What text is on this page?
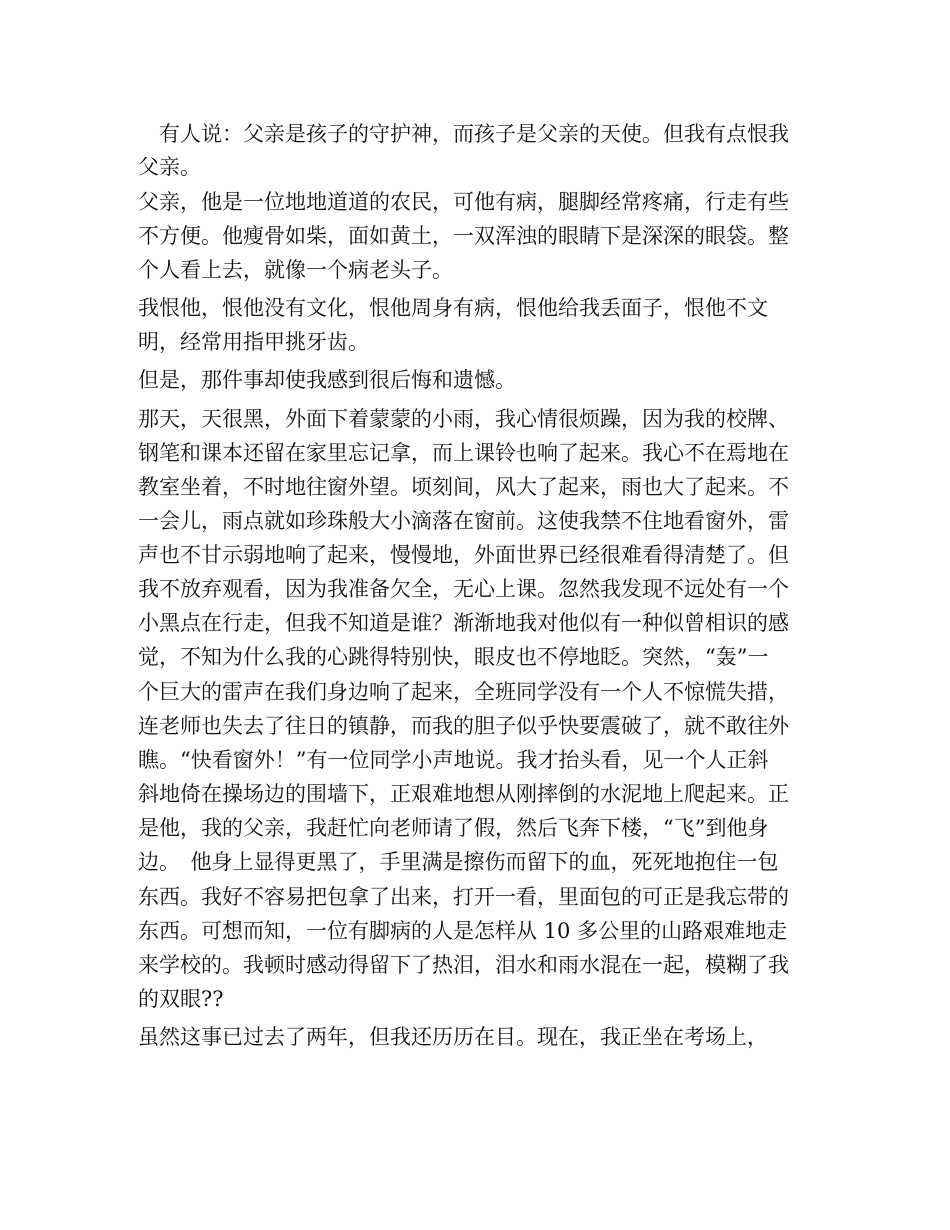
　有人说：父亲是孩子的守护神，而孩子是父亲的天使。但我有点恨我
父亲。
父亲，他是一位地地道道的农民，可他有病，腿脚经常疼痛，行走有些
不方便。他瘦骨如柴，面如黄土，一双浑浊的眼睛下是深深的眼袋。整
个人看上去，就像一个病老头子。
我恨他，恨他没有文化，恨他周身有病，恨他给我丢面子，恨他不文
明，经常用指甲挑牙齿。
但是，那件事却使我感到很后悔和遗憾。
那天，天很黑，外面下着蒙蒙的小雨，我心情很烦躁，因为我的校牌、
钢笔和课本还留在家里忘记拿，而上课铃也响了起来。我心不在焉地在
教室坐着，不时地往窗外望。顷刻间，风大了起来，雨也大了起来。不
一会儿，雨点就如珍珠般大小滴落在窗前。这使我禁不住地看窗外，雷
声也不甘示弱地响了起来，慢慢地，外面世界已经很难看得清楚了。但
我不放弃观看，因为我准备欠全，无心上课。忽然我发现不远处有一个
小黑点在行走，但我不知道是谁？渐渐地我对他似有一种似曾相识的感
觉，不知为什么我的心跳得特别快，眼皮也不停地眨。突然，“轰”一
个巨大的雷声在我们身边响了起来，全班同学没有一个人不惊慌失措，
连老师也失去了往日的镇静，而我的胆子似乎快要震破了，就不敢往外
瞧。“快看窗外！”有一位同学小声地说。我才抬头看，见一个人正斜
斜地倚在操场边的围墙下，正艰难地想从刚摔倒的水泥地上爬起来。正
是他，我的父亲，我赶忙向老师请了假，然后飞奔下楼，“飞”到他身
边。　他身上显得更黑了，手里满是擦伤而留下的血，死死地抱住一包
东西。我好不容易把包拿了出来，打开一看，里面包的可正是我忘带的
东西。可想而知，一位有脚病的人是怎样从 10 多公里的山路艰难地走
来学校的。我顿时感动得留下了热泪，泪水和雨水混在一起，模糊了我
的双眼??
虽然这事已过去了两年，但我还历历在目。现在，我正坐在考场上，
